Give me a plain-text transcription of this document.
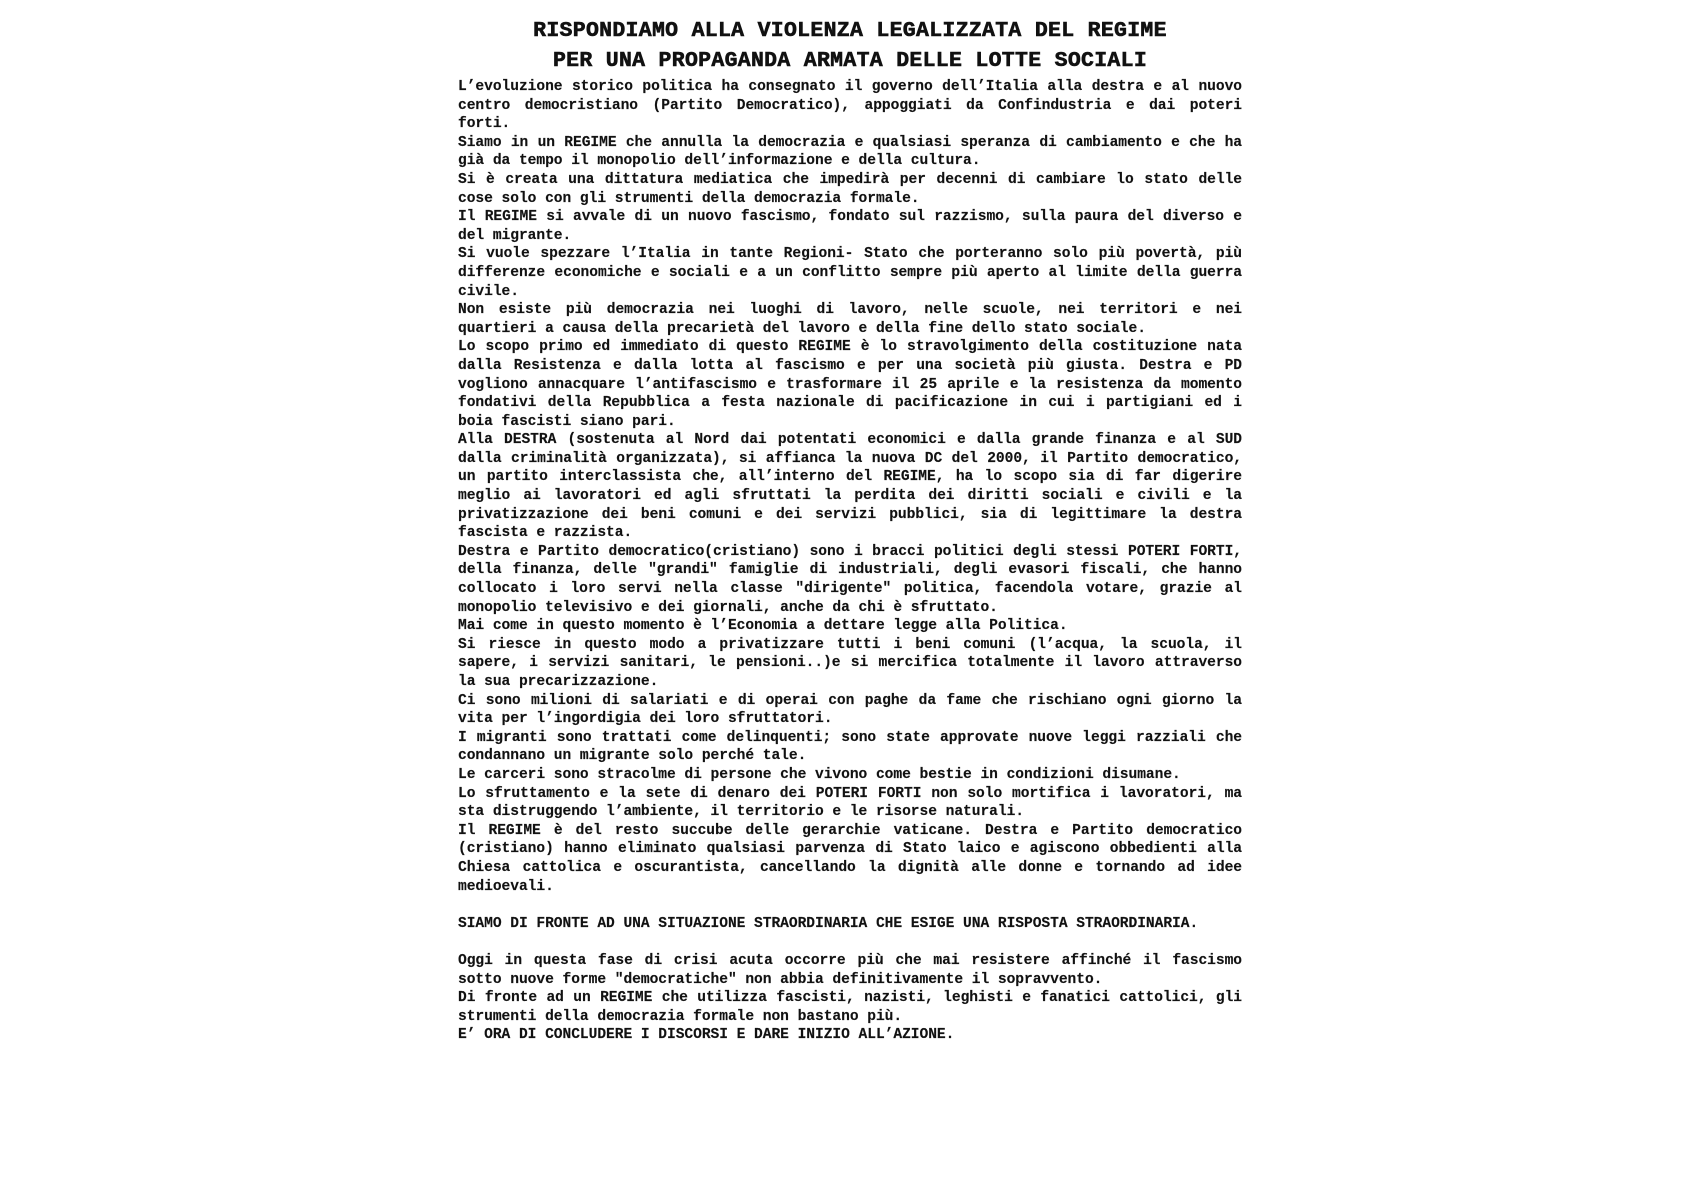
RISPONDIAMO ALLA VIOLENZA LEGALIZZATA DEL REGIME
PER UNA PROPAGANDA ARMATA DELLE LOTTE SOCIALI

L’evoluzione storico politica ha consegnato il governo dell’Italia alla destra e al nuovo centro democristiano (Partito Democratico), appoggiati da Confindustria e dai poteri forti.

Siamo in un REGIME che annulla la democrazia e qualsiasi speranza di cambiamento e che ha già da tempo il monopolio dell’informazione e della cultura.

Si è creata una dittatura mediatica che impedirà per decenni di cambiare lo stato delle cose solo con gli strumenti della democrazia formale.

Il REGIME si avvale di un nuovo fascismo, fondato sul razzismo, sulla paura del diverso e del migrante.

Si vuole spezzare l’Italia in tante Regioni- Stato che porteranno solo più povertà, più differenze economiche e sociali e a un conflitto sempre più aperto al limite della guerra civile.

Non esiste più democrazia nei luoghi di lavoro, nelle scuole, nei territori e nei quartieri a causa della precarietà del lavoro e della fine dello stato sociale.

Lo scopo primo ed immediato di questo REGIME è lo stravolgimento della costituzione nata dalla Resistenza e dalla lotta al fascismo e per una società più giusta. Destra e PD vogliono annacquare l’antifascismo e trasformare il 25 aprile e la resistenza da momento fondativi della Repubblica a festa nazionale di pacificazione in cui i partigiani ed i boia fascisti siano pari.

Alla DESTRA (sostenuta al Nord dai potentati economici e dalla grande finanza e al SUD dalla criminalità organizzata), si affianca la nuova DC del 2000, il Partito democratico, un partito interclassista che, all’interno del REGIME, ha lo scopo sia di far digerire meglio ai lavoratori ed agli sfruttati la perdita dei diritti sociali e civili e la privatizzazione dei beni comuni e dei servizi pubblici, sia di legittimare la destra fascista e razzista.

Destra e Partito democratico(cristiano) sono i bracci politici degli stessi POTERI FORTI, della finanza, delle "grandi" famiglie di industriali, degli evasori fiscali, che hanno collocato i loro servi nella classe "dirigente" politica, facendola votare, grazie al monopolio televisivo e dei giornali, anche da chi è sfruttato.

Mai come in questo momento è l’Economia a dettare legge alla Politica.

Si riesce in questo modo a privatizzare tutti i beni comuni (l’acqua, la scuola, il sapere, i servizi sanitari, le pensioni..)e si mercifica totalmente il lavoro attraverso la sua precarizzazione.

Ci sono milioni di salariati e di operai con paghe da fame che rischiano ogni giorno la vita per l’ingordigia dei loro sfruttatori.

I migranti sono trattati come delinquenti; sono state approvate nuove leggi razziali che condannano un migrante solo perché tale.

Le carceri sono stracolme di persone che vivono come bestie in condizioni disumane.

Lo sfruttamento e la sete di denaro dei POTERI FORTI non solo mortifica i lavoratori, ma sta distruggendo l’ambiente, il territorio e le risorse naturali.

Il REGIME è del resto succube delle gerarchie vaticane. Destra e Partito democratico (cristiano) hanno eliminato qualsiasi parvenza di Stato laico e agiscono obbedienti alla Chiesa cattolica e oscurantista, cancellando la dignità alle donne e tornando ad idee medioevali.

SIAMO DI FRONTE AD UNA SITUAZIONE STRAORDINARIA CHE ESIGE UNA RISPOSTA STRAORDINARIA.

Oggi in questa fase di crisi acuta occorre più che mai resistere affinché il fascismo sotto nuove forme "democratiche" non abbia definitivamente il sopravvento.

Di fronte ad un REGIME che utilizza fascisti, nazisti, leghisti e fanatici cattolici, gli strumenti della democrazia formale non bastano più.

E’ ORA DI CONCLUDERE I DISCORSI E DARE INIZIO ALL’AZIONE.
